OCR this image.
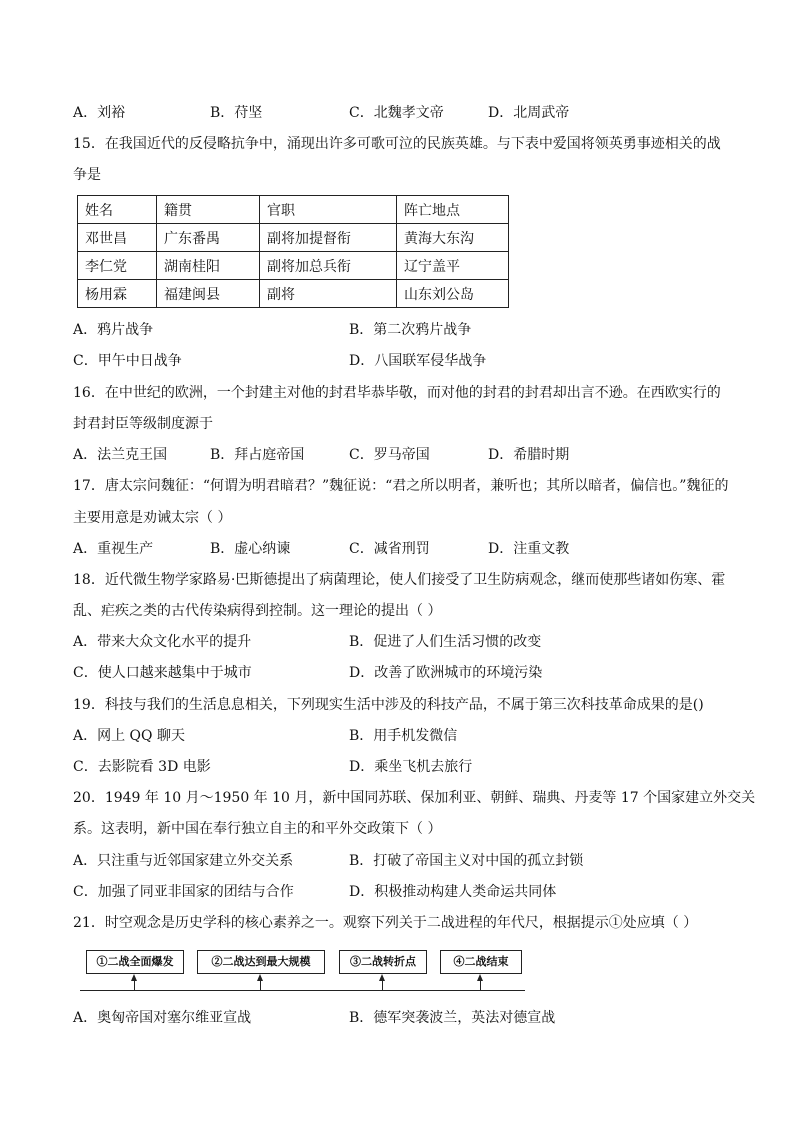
A．刘裕	B．苻坚	C．北魏孝文帝	D．北周武帝
15．在我国近代的反侵略抗争中，涌现出许多可歌可泣的民族英雄。与下表中爱国将领英勇事迹相关的战
争是
姓名	籍贯	官职	阵亡地点
邓世昌	广东番禺	副将加提督衔	黄海大东沟
李仁党	湖南桂阳	副将加总兵衔	辽宁盖平
杨用霖	福建闽县	副将	山东刘公岛
A．鸦片战争	B．第二次鸦片战争
C．甲午中日战争	D．八国联军侵华战争
16．在中世纪的欧洲，一个封建主对他的封君毕恭毕敬，而对他的封君的封君却出言不逊。在西欧实行的
封君封臣等级制度源于
A．法兰克王国	B．拜占庭帝国	C．罗马帝国	D．希腊时期
17．唐太宗问魏征：“何谓为明君暗君？”魏征说：“君之所以明者，兼听也；其所以暗者，偏信也。”魏征的
主要用意是劝诫太宗（ ）
A．重视生产	B．虚心纳谏	C．减省刑罚	D．注重文教
18．近代微生物学家路易·巴斯德提出了病菌理论，使人们接受了卫生防病观念，继而使那些诸如伤寒、霍
乱、疟疾之类的古代传染病得到控制。这一理论的提出（ ）
A．带来大众文化水平的提升	B．促进了人们生活习惯的改变
C．使人口越来越集中于城市	D．改善了欧洲城市的环境污染
19．科技与我们的生活息息相关，下列现实生活中涉及的科技产品，不属于第三次科技革命成果的是()
A．网上 QQ 聊天	B．用手机发微信
C．去影院看 3D 电影	D．乘坐飞机去旅行
20．1949 年 10 月～1950 年 10 月，新中国同苏联、保加利亚、朝鲜、瑞典、丹麦等 17 个国家建立外交关
系。这表明，新中国在奉行独立自主的和平外交政策下（ ）
A．只注重与近邻国家建立外交关系	B．打破了帝国主义对中国的孤立封锁
C．加强了同亚非国家的团结与合作	D．积极推动构建人类命运共同体
21．时空观念是历史学科的核心素养之一。观察下列关于二战进程的年代尺，根据提示①处应填（ ）
①二战全面爆发	②二战达到最大规模	③二战转折点	④二战结束
A．奥匈帝国对塞尔维亚宣战	B．德军突袭波兰，英法对德宣战
